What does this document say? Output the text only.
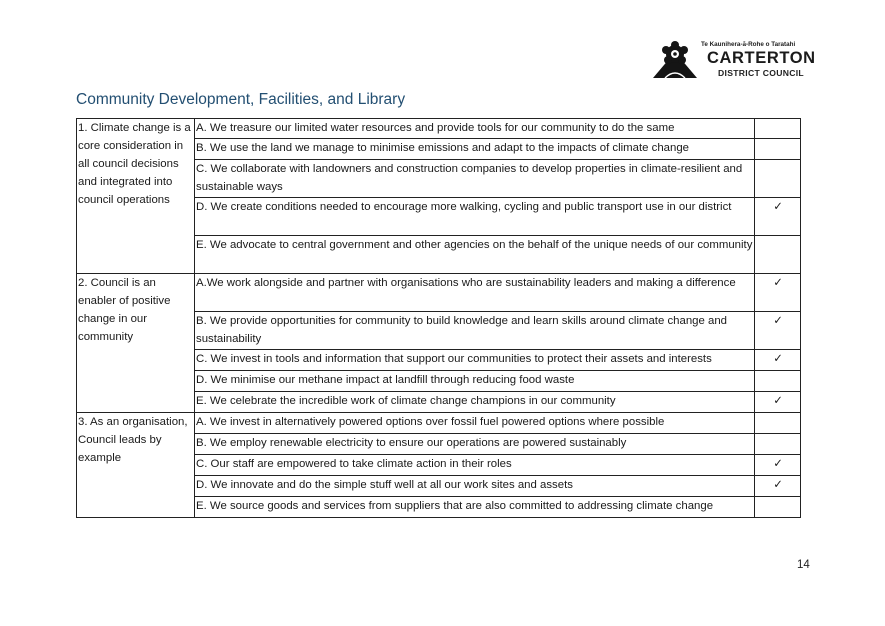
Te Kaunihera-ā-Rohe o Taratahi
CARTERTON
DISTRICT COUNCIL
Community Development, Facilities, and Library
1. Climate change is a core consideration in all council decisions and integrated into council operations	A. We treasure our limited water resources and provide tools for our community to do the same	
	B. We use the land we manage to minimise emissions and adapt to the impacts of climate change	
	C. We collaborate with landowners and construction companies to develop properties in climate-resilient and sustainable ways	
	D. We create conditions needed to encourage more walking, cycling and public transport use in our district	✓
	E. We advocate to central government and other agencies on the behalf of the unique needs of our community	
2. Council is an enabler of positive change in our community	A.We work alongside and partner with organisations who are sustainability leaders and making a difference	✓
	B. We provide opportunities for community to build knowledge and learn skills around climate change and sustainability	✓
	C. We invest in tools and information that support our communities to protect their assets and interests	✓
	D. We minimise our methane impact at landfill through reducing food waste	
	E. We celebrate the incredible work of climate change champions in our community	✓
3. As an organisation, Council leads by example	A. We invest in alternatively powered options over fossil fuel powered options where possible	
	B. We employ renewable electricity to ensure our operations are powered sustainably	
	C. Our staff are empowered to take climate action in their roles	✓
	D. We innovate and do the simple stuff well at all our work sites and assets	✓
	E. We source goods and services from suppliers that are also committed to addressing climate change	
14
